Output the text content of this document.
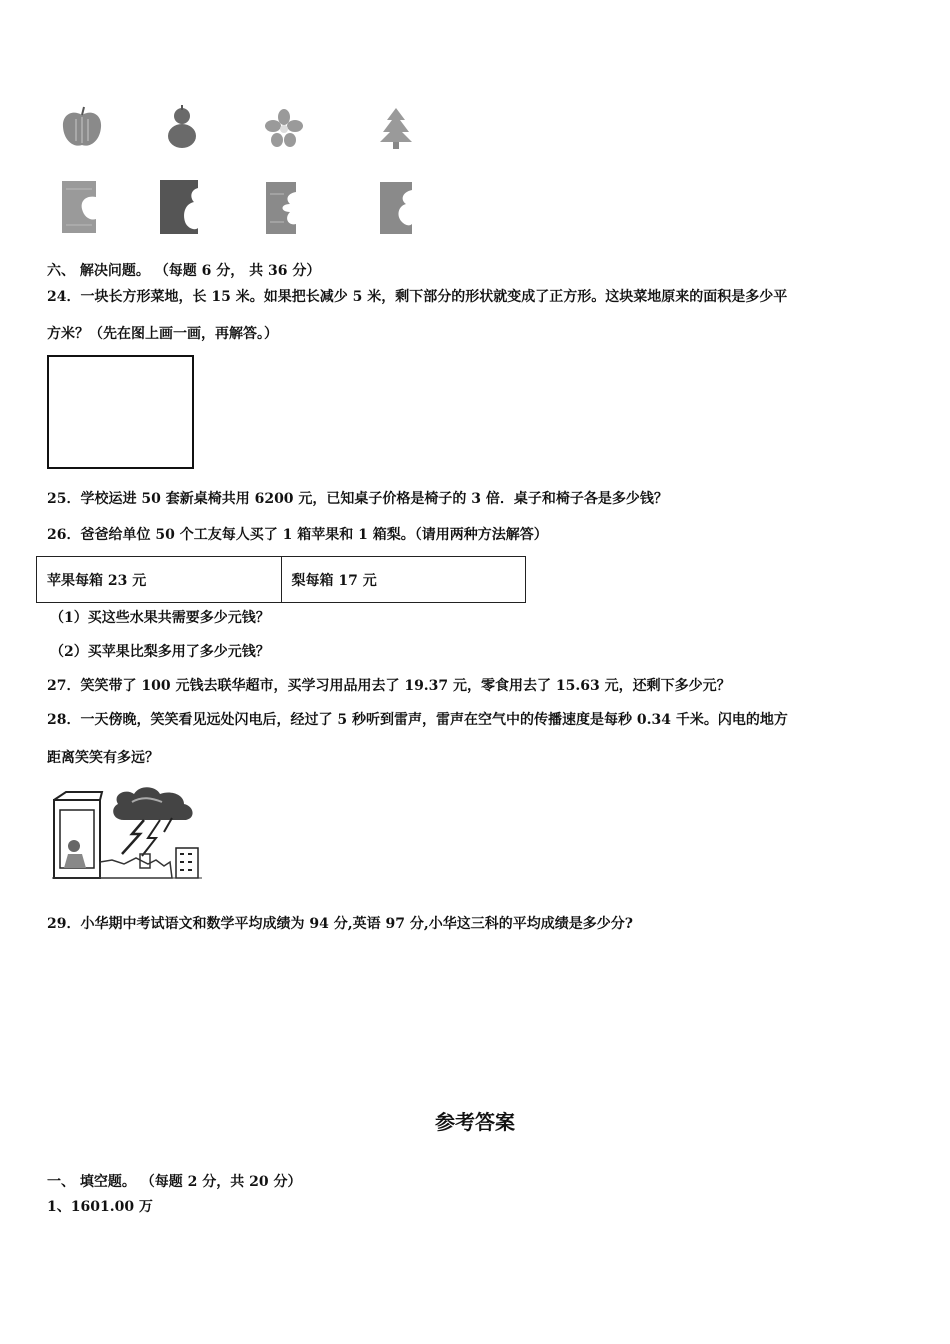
六、 解决问题。 （每题 6 分， 共 36 分）
24．一块长方形菜地，长 15 米。如果把长减少 5 米，剩下部分的形状就变成了正方形。这块菜地原来的面积是多少平
方米？（先在图上画一画，再解答。）
25．学校运进 50 套新桌椅共用 6200 元，已知桌子价格是椅子的 3 倍．桌子和椅子各是多少钱？
26．爸爸给单位 50 个工友每人买了 1 箱苹果和 1 箱梨。（请用两种方法解答）
苹果每箱 23 元	梨每箱 17 元
（1）买这些水果共需要多少元钱？
（2）买苹果比梨多用了多少元钱？
27．笑笑带了 100 元钱去联华超市，买学习用品用去了 19.37 元，零食用去了 15.63 元，还剩下多少元？
28．一天傍晚，笑笑看见远处闪电后，经过了 5 秒听到雷声，雷声在空气中的传播速度是每秒 0.34 千米。闪电的地方
距离笑笑有多远？
29．小华期中考试语文和数学平均成绩为 94 分,英语 97 分,小华这三科的平均成绩是多少分?
参考答案
一、 填空题。 （每题 2 分，共 20 分）
1、1601.00 万
